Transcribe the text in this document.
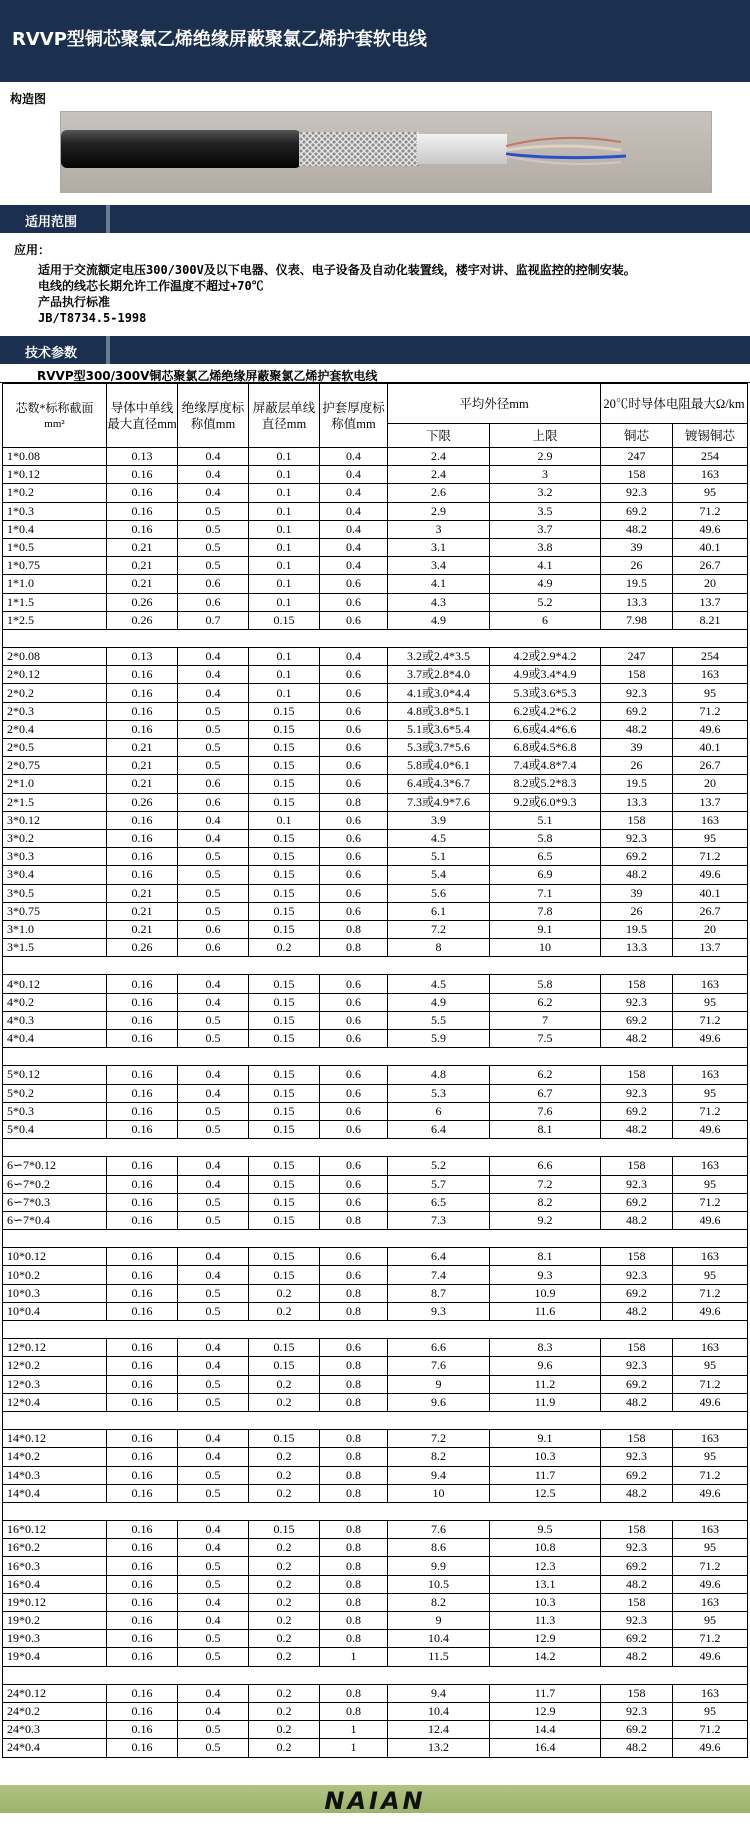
RVVP型铜芯聚氯乙烯绝缘屏蔽聚氯乙烯护套软电线
构造图
适用范围
应用：
适用于交流额定电压300/300V及以下电器、仪表、电子设备及自动化装置线，楼宇对讲、监视监控的控制安装。
电线的线芯长期允许工作温度不超过+70℃
产品执行标准
JB/T8734.5-1998
技术参数
RVVP型300/300V铜芯聚氯乙烯绝缘屏蔽聚氯乙烯护套软电线
芯数*标称截面
mm²	导体中单线最大直径mm	绝缘厚度标称值mm	屏蔽层单线直径mm	护套厚度标称值mm	平均外径mm		20℃时导体电阻最大Ω/km	

					下限	上限	铜芯	镀锡铜芯
1*0.08	0.13	0.4	0.1	0.4	2.4	2.9	247	254
1*0.12	0.16	0.4	0.1	0.4	2.4	3	158	163
1*0.2	0.16	0.4	0.1	0.4	2.6	3.2	92.3	95
1*0.3	0.16	0.5	0.1	0.4	2.9	3.5	69.2	71.2
1*0.4	0.16	0.5	0.1	0.4	3	3.7	48.2	49.6
1*0.5	0.21	0.5	0.1	0.4	3.1	3.8	39	40.1
1*0.75	0.21	0.5	0.1	0.4	3.4	4.1	26	26.7
1*1.0	0.21	0.6	0.1	0.6	4.1	4.9	19.5	20
1*1.5	0.26	0.6	0.1	0.6	4.3	5.2	13.3	13.7
1*2.5	0.26	0.7	0.15	0.6	4.9	6	7.98	8.21

2*0.08	0.13	0.4	0.1	0.4	3.2或2.4*3.5	4.2或2.9*4.2	247	254
2*0.12	0.16	0.4	0.1	0.6	3.7或2.8*4.0	4.9或3.4*4.9	158	163
2*0.2	0.16	0.4	0.1	0.6	4.1或3.0*4.4	5.3或3.6*5.3	92.3	95
2*0.3	0.16	0.5	0.15	0.6	4.8或3.8*5.1	6.2或4.2*6.2	69.2	71.2
2*0.4	0.16	0.5	0.15	0.6	5.1或3.6*5.4	6.6或4.4*6.6	48.2	49.6
2*0.5	0.21	0.5	0.15	0.6	5.3或3.7*5.6	6.8或4.5*6.8	39	40.1
2*0.75	0.21	0.5	0.15	0.6	5.8或4.0*6.1	7.4或4.8*7.4	26	26.7
2*1.0	0.21	0.6	0.15	0.6	6.4或4.3*6.7	8.2或5.2*8.3	19.5	20
2*1.5	0.26	0.6	0.15	0.8	7.3或4.9*7.6	9.2或6.0*9.3	13.3	13.7
3*0.12	0.16	0.4	0.1	0.6	3.9	5.1	158	163
3*0.2	0.16	0.4	0.15	0.6	4.5	5.8	92.3	95
3*0.3	0.16	0.5	0.15	0.6	5.1	6.5	69.2	71.2
3*0.4	0.16	0.5	0.15	0.6	5.4	6.9	48.2	49.6
3*0.5	0.21	0.5	0.15	0.6	5.6	7.1	39	40.1
3*0.75	0.21	0.5	0.15	0.6	6.1	7.8	26	26.7
3*1.0	0.21	0.6	0.15	0.8	7.2	9.1	19.5	20
3*1.5	0.26	0.6	0.2	0.8	8	10	13.3	13.7

4*0.12	0.16	0.4	0.15	0.6	4.5	5.8	158	163
4*0.2	0.16	0.4	0.15	0.6	4.9	6.2	92.3	95
4*0.3	0.16	0.5	0.15	0.6	5.5	7	69.2	71.2
4*0.4	0.16	0.5	0.15	0.6	5.9	7.5	48.2	49.6

5*0.12	0.16	0.4	0.15	0.6	4.8	6.2	158	163
5*0.2	0.16	0.4	0.15	0.6	5.3	6.7	92.3	95
5*0.3	0.16	0.5	0.15	0.6	6	7.6	69.2	71.2
5*0.4	0.16	0.5	0.15	0.6	6.4	8.1	48.2	49.6

6∽7*0.12	0.16	0.4	0.15	0.6	5.2	6.6	158	163
6∽7*0.2	0.16	0.4	0.15	0.6	5.7	7.2	92.3	95
6∽7*0.3	0.16	0.5	0.15	0.6	6.5	8.2	69.2	71.2
6∽7*0.4	0.16	0.5	0.15	0.8	7.3	9.2	48.2	49.6

10*0.12	0.16	0.4	0.15	0.6	6.4	8.1	158	163
10*0.2	0.16	0.4	0.15	0.6	7.4	9.3	92.3	95
10*0.3	0.16	0.5	0.2	0.8	8.7	10.9	69.2	71.2
10*0.4	0.16	0.5	0.2	0.8	9.3	11.6	48.2	49.6

12*0.12	0.16	0.4	0.15	0.6	6.6	8.3	158	163
12*0.2	0.16	0.4	0.15	0.8	7.6	9.6	92.3	95
12*0.3	0.16	0.5	0.2	0.8	9	11.2	69.2	71.2
12*0.4	0.16	0.5	0.2	0.8	9.6	11.9	48.2	49.6

14*0.12	0.16	0.4	0.15	0.8	7.2	9.1	158	163
14*0.2	0.16	0.4	0.2	0.8	8.2	10.3	92.3	95
14*0.3	0.16	0.5	0.2	0.8	9.4	11.7	69.2	71.2
14*0.4	0.16	0.5	0.2	0.8	10	12.5	48.2	49.6

16*0.12	0.16	0.4	0.15	0.8	7.6	9.5	158	163
16*0.2	0.16	0.4	0.2	0.8	8.6	10.8	92.3	95
16*0.3	0.16	0.5	0.2	0.8	9.9	12.3	69.2	71.2
16*0.4	0.16	0.5	0.2	0.8	10.5	13.1	48.2	49.6
19*0.12	0.16	0.4	0.2	0.8	8.2	10.3	158	163
19*0.2	0.16	0.4	0.2	0.8	9	11.3	92.3	95
19*0.3	0.16	0.5	0.2	0.8	10.4	12.9	69.2	71.2
19*0.4	0.16	0.5	0.2	1	11.5	14.2	48.2	49.6

24*0.12	0.16	0.4	0.2	0.8	9.4	11.7	158	163
24*0.2	0.16	0.4	0.2	0.8	10.4	12.9	92.3	95
24*0.3	0.16	0.5	0.2	1	12.4	14.4	69.2	71.2
24*0.4	0.16	0.5	0.2	1	13.2	16.4	48.2	49.6
NAIAN
